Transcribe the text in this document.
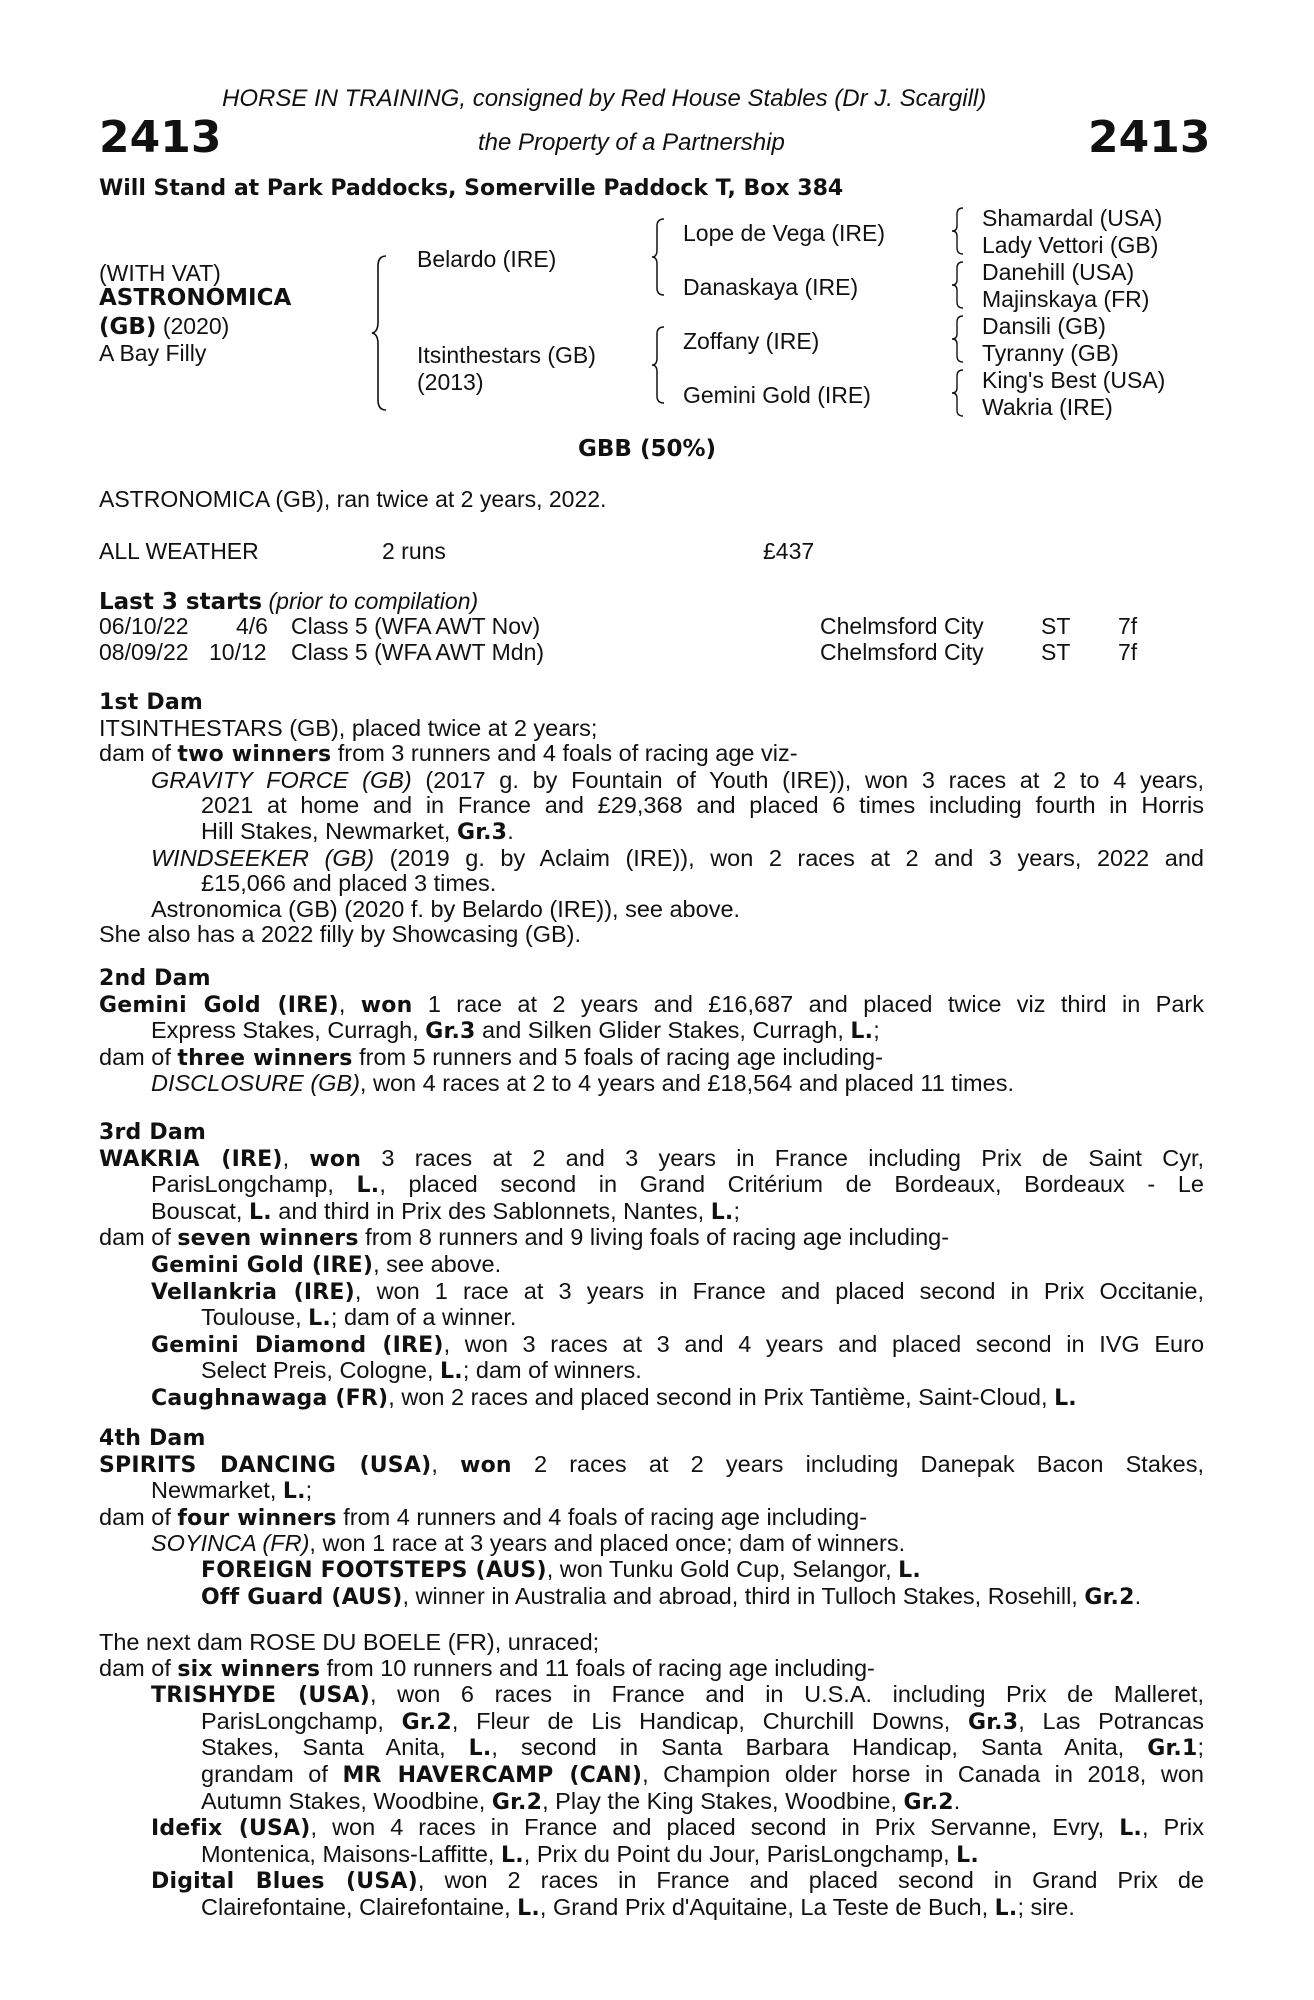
HORSE IN TRAINING, consigned by Red House Stables (Dr J. Scargill)
2413	the Property of a Partnership	2413
Will Stand at Park Paddocks, Somerville Paddock T, Box 384
(WITH VAT)
ASTRONOMICA
(GB) (2020)
A Bay Filly
Belardo (IRE)
Itsinthestars (GB)
(2013)
Lope de Vega (IRE)
Danaskaya (IRE)
Zoffany (IRE)
Gemini Gold (IRE)
Shamardal (USA)
Lady Vettori (GB)
Danehill (USA)
Majinskaya (FR)
Dansili (GB)
Tyranny (GB)
King's Best (USA)
Wakria (IRE)
GBB (50%)
ASTRONOMICA (GB), ran twice at 2 years, 2022.
ALL WEATHER	2 runs	£437
Last 3 starts (prior to compilation)
06/10/22 4/6 Class 5 (WFA AWT Nov)	Chelmsford City ST 7f
08/09/22 10/12 Class 5 (WFA AWT Mdn)	Chelmsford City ST 7f
1st Dam
ITSINTHESTARS (GB), placed twice at 2 years;
dam of two winners from 3 runners and 4 foals of racing age viz-
GRAVITY FORCE (GB) (2017 g. by Fountain of Youth (IRE)), won 3 races at 2 to 4 years,
2021 at home and in France and £29,368 and placed 6 times including fourth in Horris
Hill Stakes, Newmarket, Gr.3.
WINDSEEKER (GB) (2019 g. by Aclaim (IRE)), won 2 races at 2 and 3 years, 2022 and
£15,066 and placed 3 times.
Astronomica (GB) (2020 f. by Belardo (IRE)), see above.
She also has a 2022 filly by Showcasing (GB).
2nd Dam
Gemini Gold (IRE), won 1 race at 2 years and £16,687 and placed twice viz third in Park
Express Stakes, Curragh, Gr.3 and Silken Glider Stakes, Curragh, L.;
dam of three winners from 5 runners and 5 foals of racing age including-
DISCLOSURE (GB), won 4 races at 2 to 4 years and £18,564 and placed 11 times.
3rd Dam
WAKRIA (IRE), won 3 races at 2 and 3 years in France including Prix de Saint Cyr,
ParisLongchamp, L., placed second in Grand Critérium de Bordeaux, Bordeaux - Le
Bouscat, L. and third in Prix des Sablonnets, Nantes, L.;
dam of seven winners from 8 runners and 9 living foals of racing age including-
Gemini Gold (IRE), see above.
Vellankria (IRE), won 1 race at 3 years in France and placed second in Prix Occitanie,
Toulouse, L.; dam of a winner.
Gemini Diamond (IRE), won 3 races at 3 and 4 years and placed second in IVG Euro
Select Preis, Cologne, L.; dam of winners.
Caughnawaga (FR), won 2 races and placed second in Prix Tantième, Saint-Cloud, L.
4th Dam
SPIRITS DANCING (USA), won 2 races at 2 years including Danepak Bacon Stakes,
Newmarket, L.;
dam of four winners from 4 runners and 4 foals of racing age including-
SOYINCA (FR), won 1 race at 3 years and placed once; dam of winners.
FOREIGN FOOTSTEPS (AUS), won Tunku Gold Cup, Selangor, L.
Off Guard (AUS), winner in Australia and abroad, third in Tulloch Stakes, Rosehill, Gr.2.
The next dam ROSE DU BOELE (FR), unraced;
dam of six winners from 10 runners and 11 foals of racing age including-
TRISHYDE (USA), won 6 races in France and in U.S.A. including Prix de Malleret,
ParisLongchamp, Gr.2, Fleur de Lis Handicap, Churchill Downs, Gr.3, Las Potrancas
Stakes, Santa Anita, L., second in Santa Barbara Handicap, Santa Anita, Gr.1;
grandam of MR HAVERCAMP (CAN), Champion older horse in Canada in 2018, won
Autumn Stakes, Woodbine, Gr.2, Play the King Stakes, Woodbine, Gr.2.
Idefix (USA), won 4 races in France and placed second in Prix Servanne, Evry, L., Prix
Montenica, Maisons-Laffitte, L., Prix du Point du Jour, ParisLongchamp, L.
Digital Blues (USA), won 2 races in France and placed second in Grand Prix de
Clairefontaine, Clairefontaine, L., Grand Prix d'Aquitaine, La Teste de Buch, L.; sire.
